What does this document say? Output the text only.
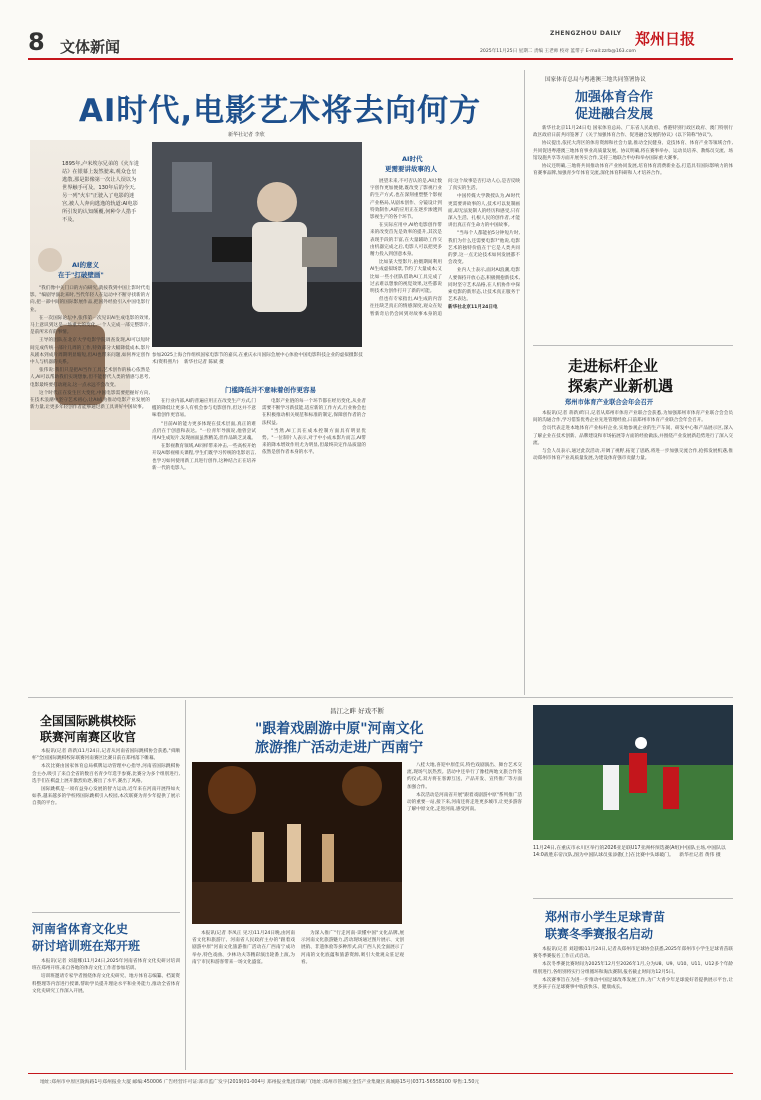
8 文体新闻
ZHENGZHOU DAILY 郑州日报
2025年11月25日 星期二 责编 王老师 校对 蓝带子 E-mail:zzrb@163.com
AI时代,电影艺术将去向何方
新华社记者 李欣
1895年,卢米埃尔兄弟的《火车进站》在银幕上轰然驶来,观众仓皇逃散,那是影像第一次让人误以为世界触手可及。130年后的今天,另一列"火车"正驶入了电影的迷宫,被人人奔向逃逸的轨道:AI电影所引发的认知颠覆,何种令人措手不及。
AI的意义
在于"打破壁画"

"我们像中关门口的方向研究,就按我到中国上影时代电影。"编剧导演北来时,当代年轻人在运动中不断寻找新的方向,把一部中间的国际影展作品,把国外经验引入中国电影行业。

在一次国际论坛中,张伟第一次见识AI生成电影的效果,马上意识到这是一场重大的变化,一个人完成一部完整影片,是前所未有的事情。

王导的团队在北京大学电影学院调查发现,AI可以短时间完成传统一部片几周的工作,特效部分大幅降低成本,影片从剧本到成片周期明显缩短,但AI也带来问题,如何界定创作中人与机器的关系。

张伟说:我们只是把AI当作工具,艺术创作的核心依然是人,AI可以帮助我们实现想象,但不能替代人类的情感与思考,电影最终要打动观众,这一点永远不会改变。

这个时代正在发生巨大变化,中国电影需要把握好方向,在技术浪潮中坚守艺术初心,让AI成为推动电影产业发展的新力量,让更多年轻创作者能够通过新工具讲好中国故事。

参加2025上海合作组织国家电影节的嘉宾,在重庆永川国际会展中心体验中国电影科技企业的虚拟摄影技术(资料照片) 新华社记者 陈斌 摄
AI时代
更需要讲故事的人

展望未来,不可否认的是,AI让数字创作更加便捷,既改变了影视行业的生产方式,也在深刻重塑整个影视产业格局,从剧本创作、分镜设计到特效制作,AI的应用正在逐步渗透到影视生产的各个环节。

在实际应用中,AI给电影创作带来的改变首先是效率的提升,其次是表现手段的丰富,在大量辅助工作交由机器完成之后,电影人可以把更多精力投入到创意本身。

比如某大型影片,拍摄期间利用AI生成虚拟场景,节约了大量成本;又比如一些小团队借助AI工具完成了过去难以想象的视觉效果,这些都说明技术为创作打开了新的可能。

但也有专家指出,AI生成的内容往往缺乏真正的情感深度,观众在短暂新奇后仍会回到对故事本身的追问:这个故事是否打动人心,是否反映了真实的生活。

中国传媒大学教授认为,AI时代更需要讲故事的人,技术可以复制画面,却无法复制人的经历和感受,只有深入生活、扎根人民的创作者,才能讲出真正有生命力的中国故事。

"当每个人都能拍5分钟短片时,我们为什么还需要电影?"他说,电影艺术的独特价值在于它是人类共同的梦,这一点无论技术如何发展都不会改变。

业内人士表示,面对AI浪潮,电影人要保持开放心态,积极拥抱新技术,同时坚守艺术品格,在人机协作中探索电影的新形态,让技术真正服务于艺术表达。

新华社北京11月24日电

门槛降低并不意味着创作更容易

在行业内部,AI的普遍应用正在改变生产方式,门槛的降低让更多人有机会参与电影创作,但这并不意味着创作更容易。

"目前AI的能力更多体现在技术层面,真正的难点仍在于创意和表达。"一位青年导演说,他曾尝试用AI生成短片,发现画面虽然精美,但作品缺乏灵魂。

在影视教育领域,AI同样带来冲击,一些高校开始开设AI影视相关课程,学生们既学习传统的电影语言,也学习如何使用新工具进行创作,这种结合正在培养新一代的电影人。

电影产业链的每一个环节都在经历变化,从业者需要不断学习新技能,适应新的工作方式,行业协会也在积极推动相关规范和标准的制定,保障创作者的合法权益。

"当然,AI工具在成本控制方面具有明显优势。"一位制片人表示,对于中小成本影片而言,AI带来的降本增效作用尤为明显,但最终决定作品质量的依然是创作者本身的水平。

国家体育总局与粤港澳三地共同签署协议
加强体育合作
促进融合发展

新华社北京11月24日电 国家体育总局、广东省人民政府、香港特别行政区政府、澳门特别行政区政府日前共同签署了《关于加强体育合作、促进融合发展的协议》(以下简称"协议")。

协议提出,依托大湾区的体育资源和社会力量,推动全民健身、竞技体育、体育产业等领域合作,共同促进粤港澳三地体育事业高质量发展。协议明确,将在赛事举办、运动员培养、教练员交流、场馆设施共享等方面开展务实合作,支持三地联合申办和举办国际重大赛事。

协议还明确,三地将共同推动体育产业协同发展,培育体育消费新业态,打造具有国际影响力的体育赛事品牌,加强青少年体育交流,深化体育科研和人才培养合作。

走进标杆企业
探索产业新机遇
郑州市体育产业联合会年会召开

本报讯(记者 蒋新)昨日,记者从郑州市体育产业联合会获悉,为加强郑州市体育产业联合会会员间的沟通合作,学习借鉴优秀企业先进管理经验,日前郑州市体育产业联合会年会召开。

会员代表走进本地体育产业标杆企业,实地参观企业的生产车间、研发中心和产品展示区,深入了解企业在技术创新、品牌建设和市场拓展等方面的经验做法,并围绕产业发展新趋势进行了深入交流。

与会人员表示,通过此次活动,开阔了视野,拓宽了思路,将进一步加强交流合作,抢抓发展机遇,推动郑州市体育产业高质量发展,为建设体育强市贡献力量。

全国国际跳棋校际
联赛河南赛区收官

本报讯(记者 蒋新)11月24日,记者从河南省国际跳棋协会获悉,"舜顺杯"全国国际跳棋校际联赛河南赛区比赛日前在郑州落下帷幕。

本次比赛由国家体育总局棋牌运动管理中心指导,河南省国际跳棋协会主办,吸引了来自全省的数百名青少年选手参赛,比赛分为多个组别进行,选手们在棋盘上展开激烈角逐,赛出了水平,赛出了风格。

国际跳棋是一项有益身心发展的智力运动,近年来在河南开展得如火如荼,越来越多的学校将国际跳棋引入校园,本次联赛为青少年提供了展示自我的平台。

河南省体育文化史
研讨培训班在郑开班

本报讯(记者 刘超娜)11月24日,2025年河南省体育文化史研讨培训班在郑州开班,来自各地的体育文化工作者参加培训。

培训班邀请专家学者围绕体育文化史研究、地方体育志编纂、档案资料整理等内容进行授课,帮助学员提升理论水平和业务能力,推动全省体育文化史研究工作深入开展。

昌江之畔 好戏不断
"跟着戏剧游中原"河南文化
旅游推广活动走进广西南宁

八桂大地,喜迎中原佳宾,特色戏剧演出、舞台艺术交流,现场气氛热烈。活动中还举行了豫桂两地文旅合作签约仪式,双方将在客源互送、产品开发、宣传推广等方面加强合作。

本次活动是河南省开展"跟着戏剧游中原"系列推广活动的重要一站,接下来,河南还将走进更多城市,让更多游客了解中原文化,走进河南,感受河南。

本报讯(记者 李凤正 见习)11月24日晚,由河南省文化和旅游厅、河南省人民政府主办的"跟着戏剧游中原"河南文化旅游推广活动在广西南宁成功举办,特色戏曲、少林功夫等精彩演出轮番上演,为南宁市民和游客带来一场文化盛宴。

为深入推广"行走河南·读懂中国"文化品牌,展示河南文化旅游魅力,活动现场通过图片展示、文创展销、非遗体验等多种形式,向广西人民全面展示了河南的文化底蕴和旅游资源,吸引大批观众驻足观看。

11月24日,在重庆市永川区举行的2026亚足联U17亚洲杯预选赛(A组)中国队主场,中国队以14:0战胜东帝汶队,图为中国队球员张添傲(上)在比赛中头球破门。 新华社记者 黄伟 摄
郑州市小学生足球青苗
联赛冬季赛报名启动

本报讯(记者 刘超娜)11月24日,记者从郑州市足球协会获悉,2025年郑州市小学生足球青苗联赛冬季赛报名工作正式启动。

本次冬季赛比赛时间为2025年12月至2026年1月,分为U8、U9、U10、U11、U12多个年龄组别进行,各组别将实行分组循环和淘汰赛制,报名截止时间为12月5日。

本次赛事旨在为进一步推动中国足球改革发展工作,为广大青少年足球爱好者提供展示平台,让更多孩子在足球赛事中收获快乐、健康成长。

地址:郑州市中原区陇海路1号郑州报业大厦 邮编:450006 广告经营许可证:郑市监广发字(2019)01-004号 郑州报业集团印刷厂(地址:郑州市管城区金岱产业集聚区商城路15号)0371-56558100 零售:1.50元
